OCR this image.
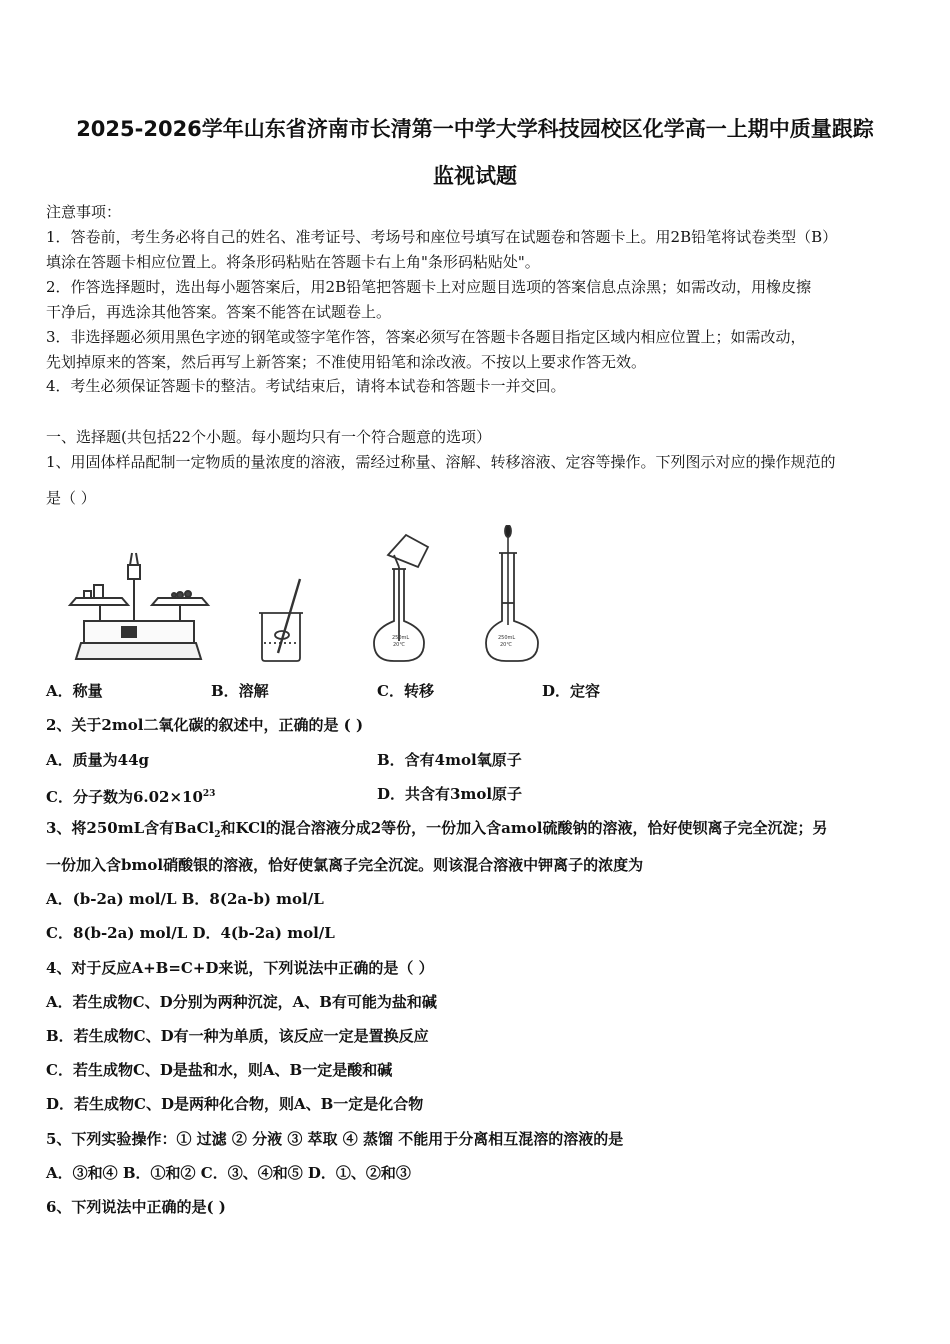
2025-2026学年山东省济南市长清第一中学大学科技园校区化学高一上期中质量跟踪
监视试题
注意事项：
1．答卷前，考生务必将自己的姓名、准考证号、考场号和座位号填写在试题卷和答题卡上。用2B铅笔将试卷类型（B）
填涂在答题卡相应位置上。将条形码粘贴在答题卡右上角"条形码粘贴处"。
2．作答选择题时，选出每小题答案后，用2B铅笔把答题卡上对应题目选项的答案信息点涂黑；如需改动，用橡皮擦
干净后，再选涂其他答案。答案不能答在试题卷上。
3．非选择题必须用黑色字迹的钢笔或签字笔作答，答案必须写在答题卡各题目指定区域内相应位置上；如需改动，
先划掉原来的答案，然后再写上新答案；不准使用铅笔和涂改液。不按以上要求作答无效。
4．考生必须保证答题卡的整洁。考试结束后，请将本试卷和答题卡一并交回。
一、选择题(共包括22个小题。每小题均只有一个符合题意的选项）
1、用固体样品配制一定物质的量浓度的溶液，需经过称量、溶解、转移溶液、定容等操作。下列图示对应的操作规范的
是（ ）
250mL
20℃
250mL
20℃
A．称量	B．溶解	C．转移	D．定容
2、关于2mol二氧化碳的叙述中，正确的是 ( )
A．质量为44g	B．含有4mol氧原子
C．分子数为$6.02\times 10^{23}$	D．共含有3mol原子
3、将250mL含有BaCl$_2$和KCl的混合溶液分成2等份，一份加入含amol硫酸钠的溶液，恰好使钡离子完全沉淀；另
一份加入含bmol硝酸银的溶液，恰好使氯离子完全沉淀。则该混合溶液中钾离子的浓度为
A．(b-2a) mol/L B．8(2a-b) mol/L
C．8(b-2a) mol/L D．4(b-2a) mol/L
4、对于反应A+B=C+D来说，下列说法中正确的是（ ）
A．若生成物C、D分别为两种沉淀，A、B有可能为盐和碱
B．若生成物C、D有一种为单质，该反应一定是置换反应
C．若生成物C、D是盐和水，则A、B一定是酸和碱
D．若生成物C、D是两种化合物，则A、B一定是化合物
5、下列实验操作：① 过滤 ② 分液 ③ 萃取 ④ 蒸馏 不能用于分离相互混溶的溶液的是
A．③和④ B．①和② C．③、④和⑤ D．①、②和③
6、下列说法中正确的是( )
